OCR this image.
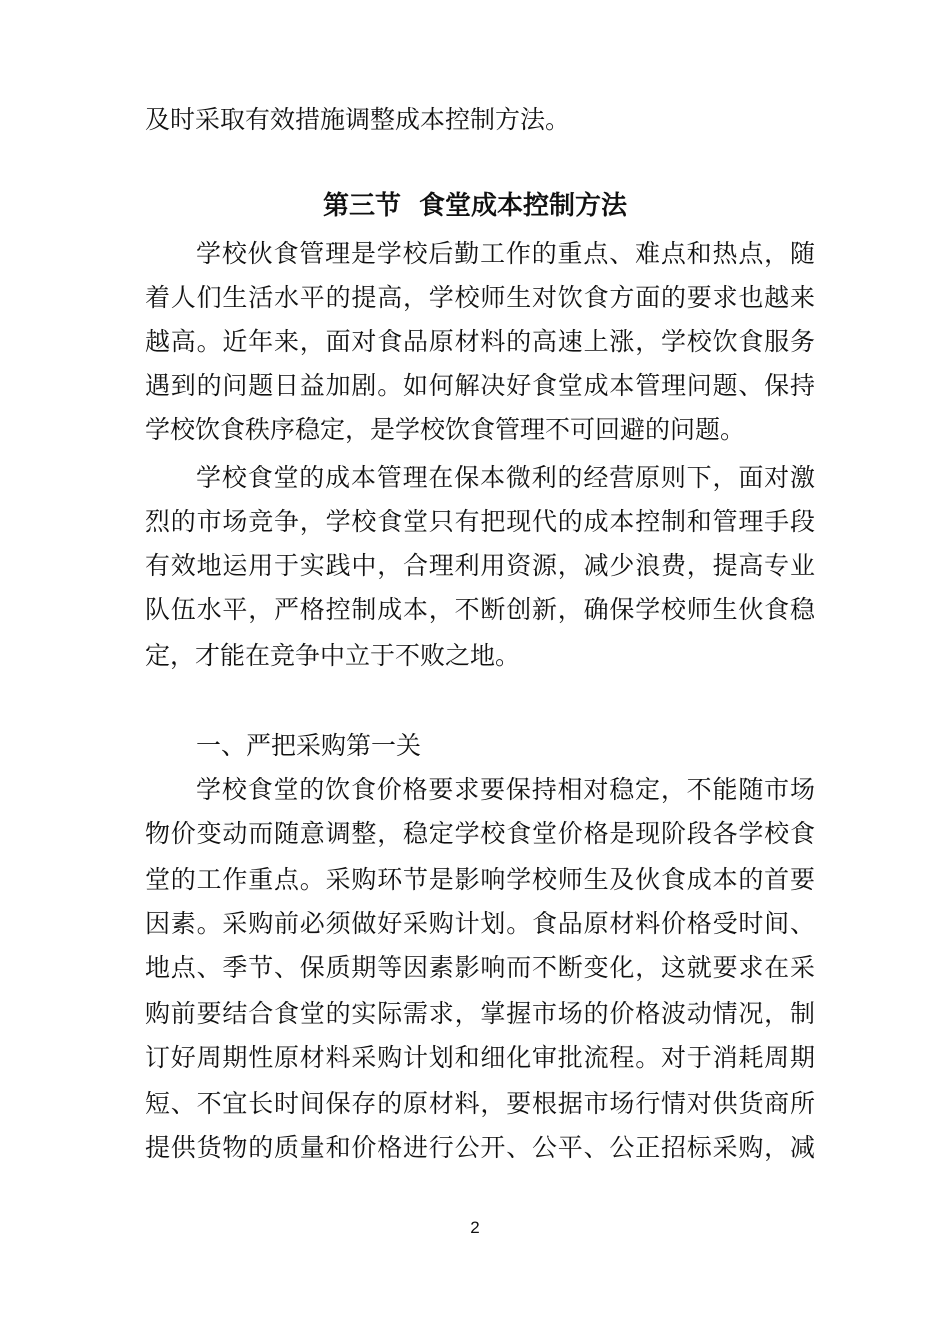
及时采取有效措施调整成本控制方法。
第三节  食堂成本控制方法
学校伙食管理是学校后勤工作的重点、难点和热点，随
着人们生活水平的提高，学校师生对饮食方面的要求也越来
越高。近年来，面对食品原材料的高速上涨，学校饮食服务
遇到的问题日益加剧。如何解决好食堂成本管理问题、保持
学校饮食秩序稳定，是学校饮食管理不可回避的问题。
学校食堂的成本管理在保本微利的经营原则下，面对激
烈的市场竞争，学校食堂只有把现代的成本控制和管理手段
有效地运用于实践中，合理利用资源，减少浪费，提高专业
队伍水平，严格控制成本，不断创新，确保学校师生伙食稳
定，才能在竞争中立于不败之地。
一、严把采购第一关
学校食堂的饮食价格要求要保持相对稳定，不能随市场
物价变动而随意调整，稳定学校食堂价格是现阶段各学校食
堂的工作重点。采购环节是影响学校师生及伙食成本的首要
因素。采购前必须做好采购计划。食品原材料价格受时间、
地点、季节、保质期等因素影响而不断变化，这就要求在采
购前要结合食堂的实际需求，掌握市场的价格波动情况，制
订好周期性原材料采购计划和细化审批流程。对于消耗周期
短、不宜长时间保存的原材料，要根据市场行情对供货商所
提供货物的质量和价格进行公开、公平、公正招标采购，减
2
